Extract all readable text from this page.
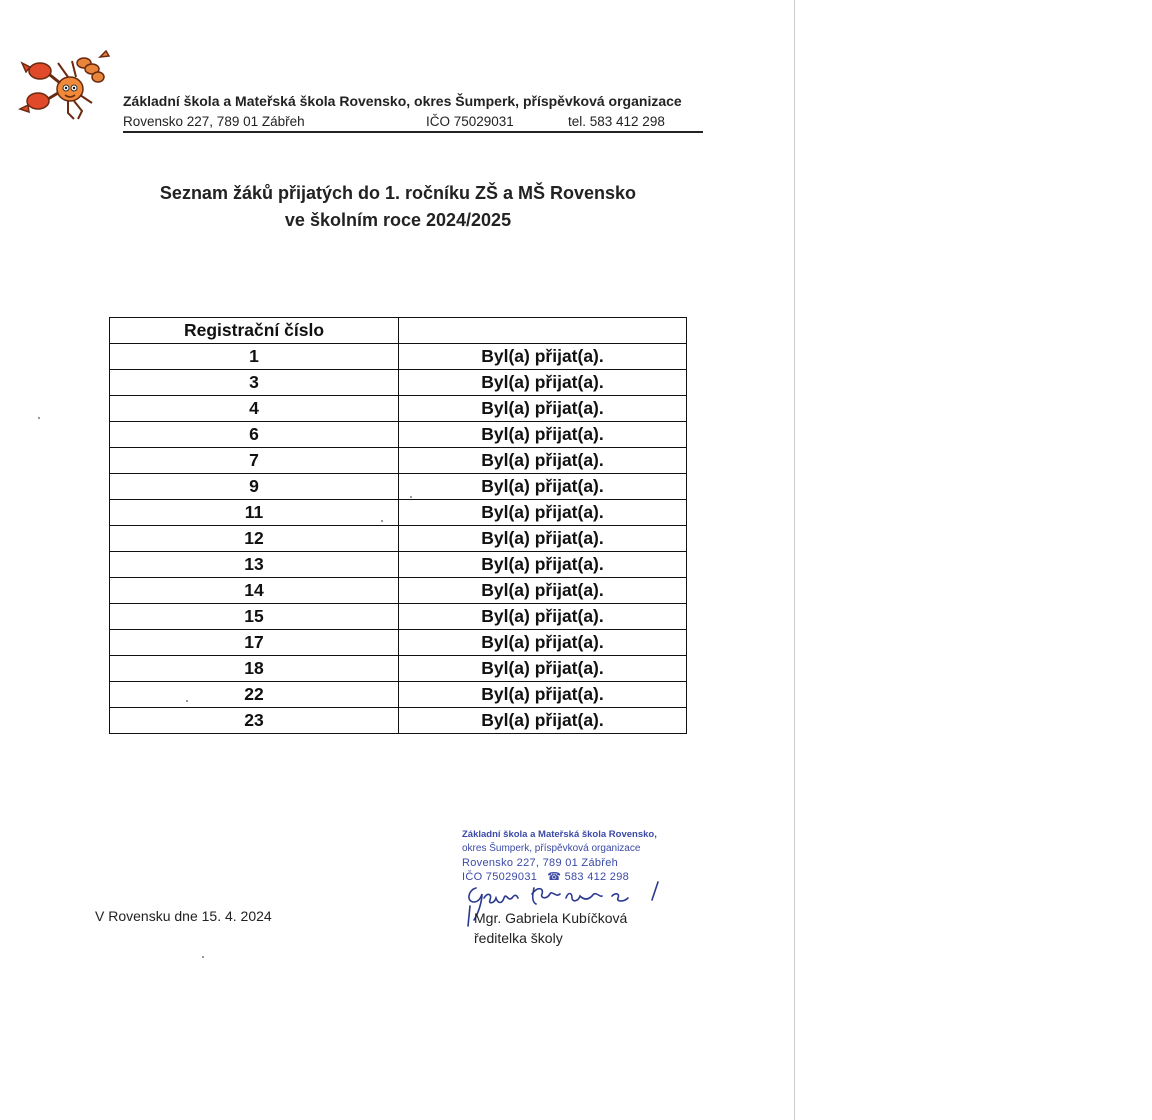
Základní škola a Mateřská škola Rovensko, okres Šumperk, příspěvková organizace
Rovensko 227, 789 01 Zábřeh	IČO 75029031	tel. 583 412 298
Seznam žáků přijatých do 1. ročníku ZŠ a MŠ Rovensko
ve školním roce 2024/2025
Registrační číslo	
1	Byl(a) přijat(a).
3	Byl(a) přijat(a).
4	Byl(a) přijat(a).
6	Byl(a) přijat(a).
7	Byl(a) přijat(a).
9	Byl(a) přijat(a).
11	Byl(a) přijat(a).
12	Byl(a) přijat(a).
13	Byl(a) přijat(a).
14	Byl(a) přijat(a).
15	Byl(a) přijat(a).
17	Byl(a) přijat(a).
18	Byl(a) přijat(a).
22	Byl(a) přijat(a).
23	Byl(a) přijat(a).
V Rovensku dne 15. 4. 2024
Základní škola a Mateřská škola Rovensko,
okres Šumperk, příspěvková organizace
Rovensko 227, 789 01 Zábřeh
IČO 75029031   ☎ 583 412 298
Mgr. Gabriela Kubíčková
ředitelka školy
